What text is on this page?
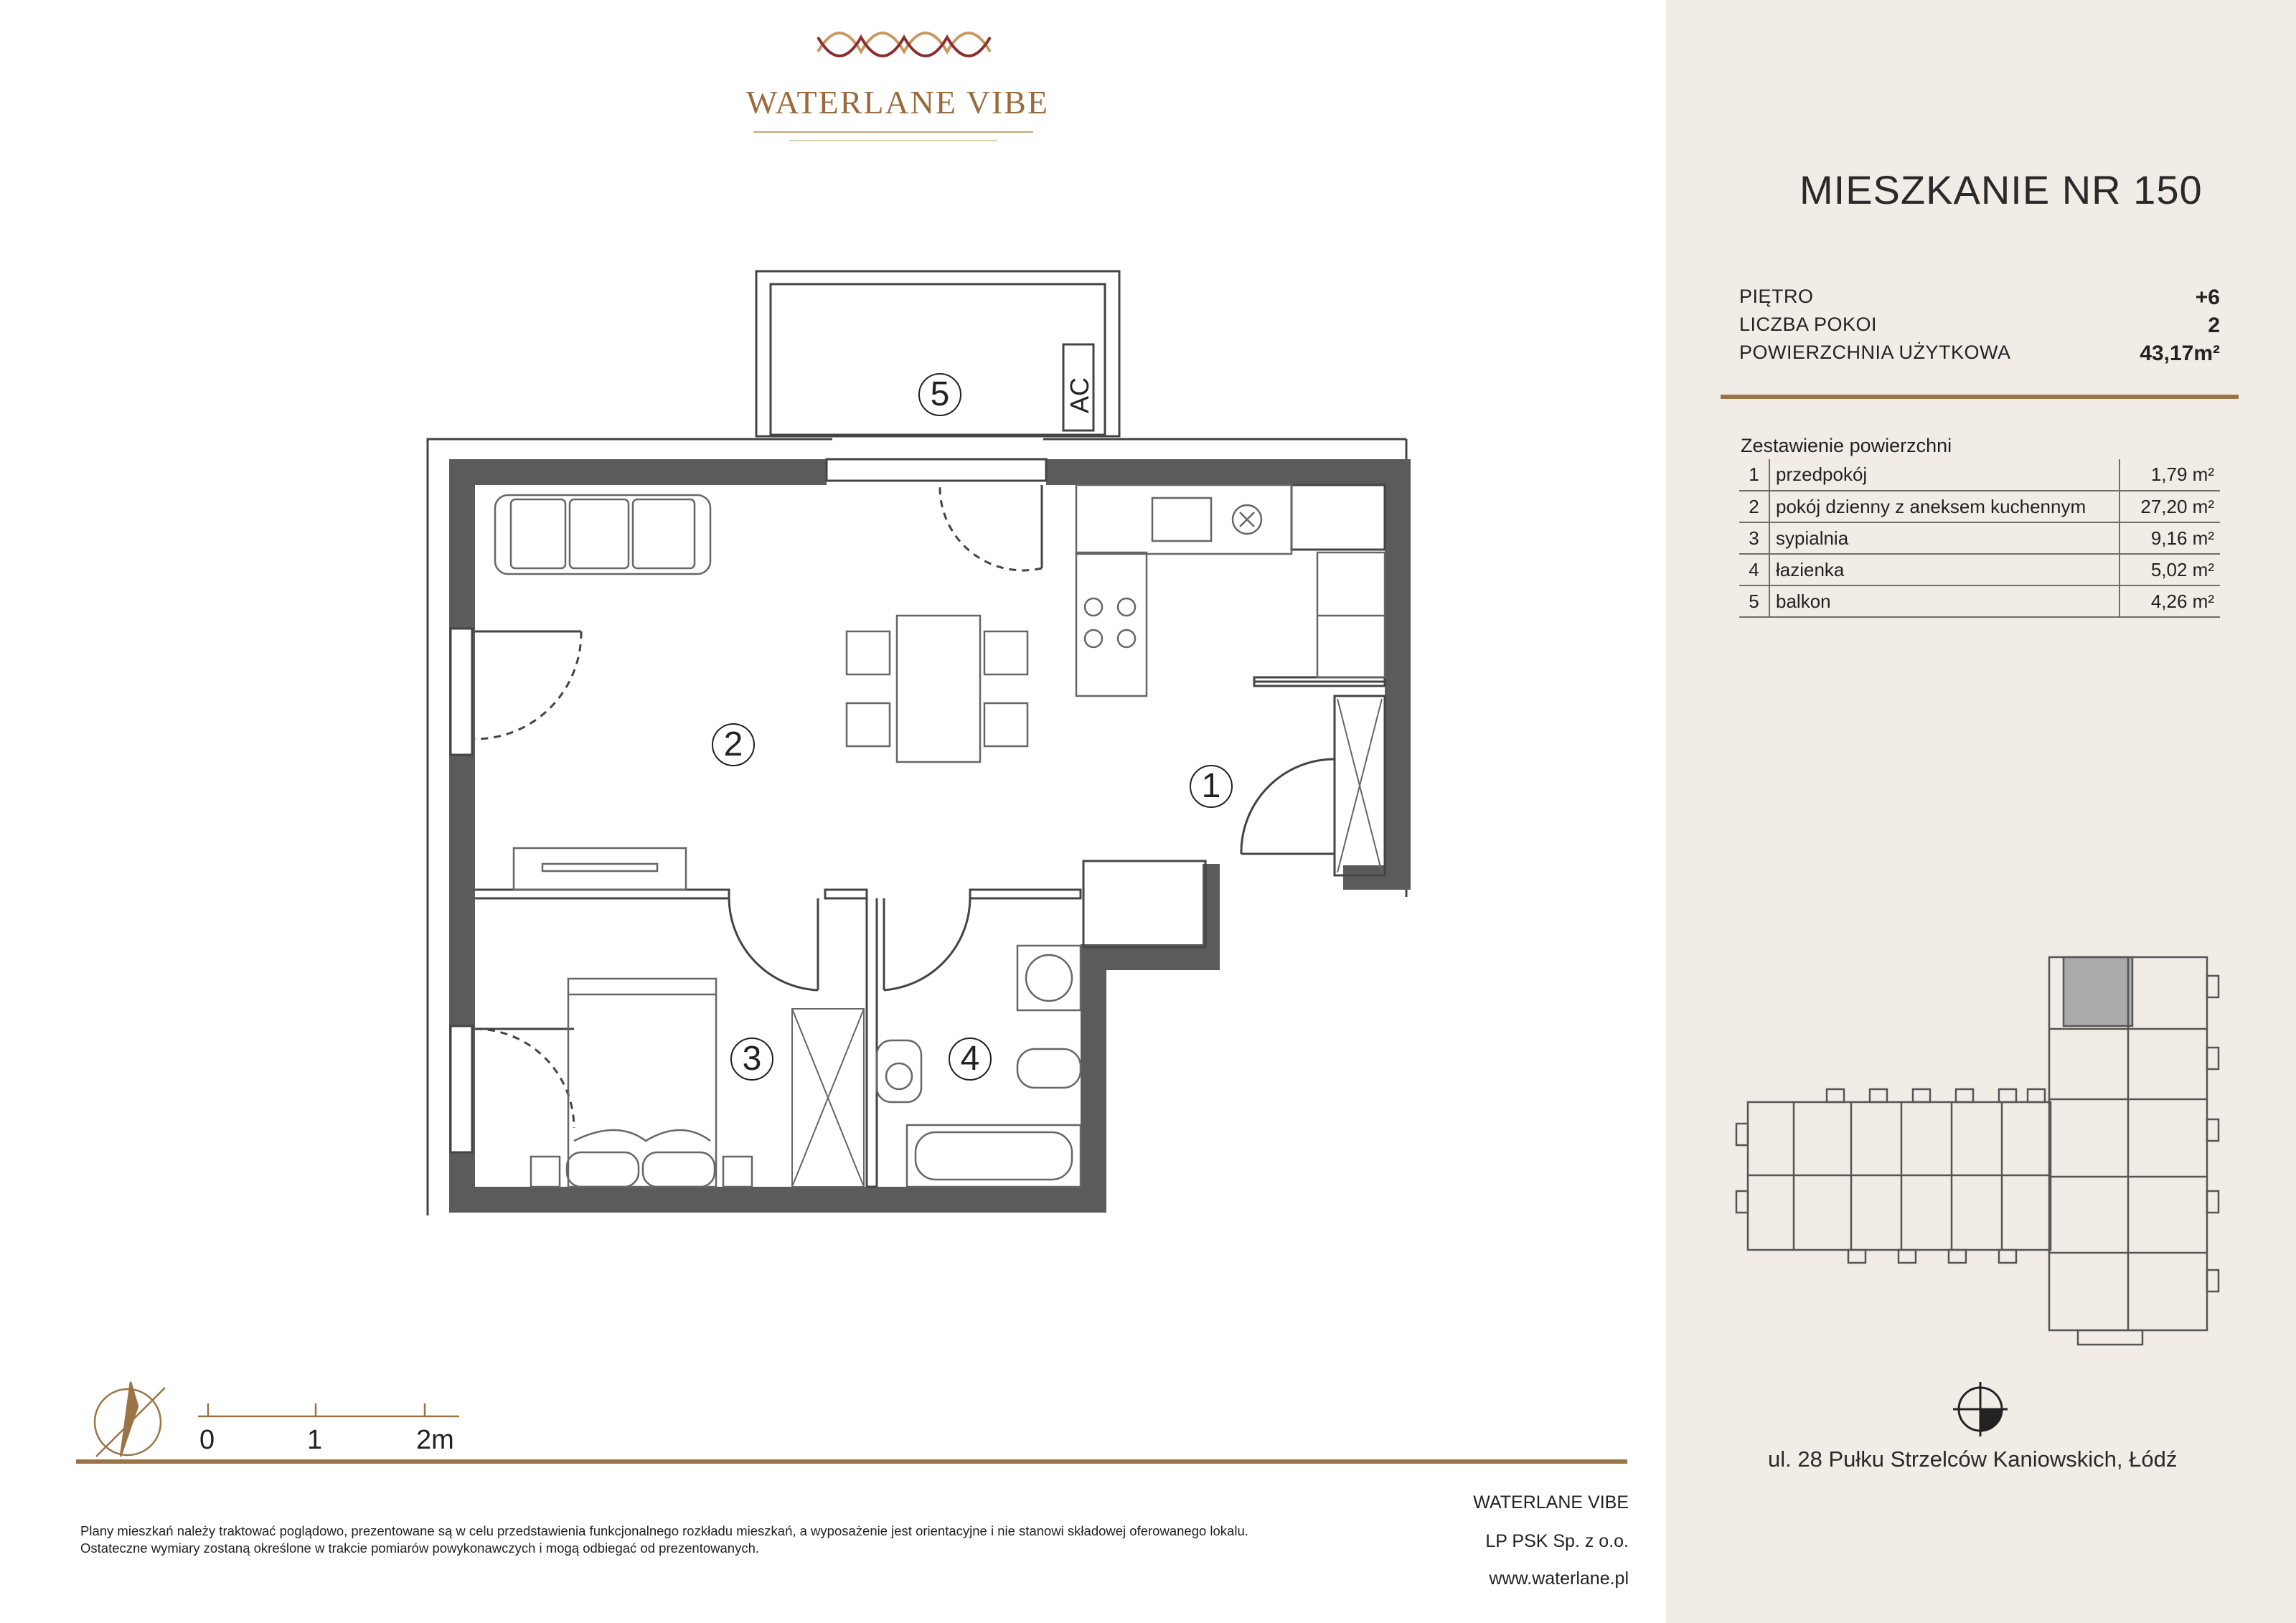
WATERLANE VIBE
5
2
1
3	4
AC
0	1	2m
MIESZKANIE NR 150
PIĘTRO	+6
LICZBA POKOI	2
POWIERZCHNIA UŻYTKOWA	43,17m²
Zestawienie powierzchni
1	przedpokój	1,79 m²
2	pokój dzienny z aneksem kuchennym	27,20 m²
3	sypialnia	9,16 m²
4	łazienka	5,02 m²
5	balkon	4,26 m²
ul. 28 Pułku Strzelców Kaniowskich, Łódź
Plany mieszkań należy traktować poglądowo, prezentowane są w celu przedstawienia funkcjonalnego rozkładu mieszkań, a wyposażenie jest orientacyjne i nie stanowi składowej oferowanego lokalu.
Ostateczne wymiary zostaną określone w trakcie pomiarów powykonawczych i mogą odbiegać od prezentowanych.
WATERLANE VIBE
LP PSK Sp. z o.o.
www.waterlane.pl
